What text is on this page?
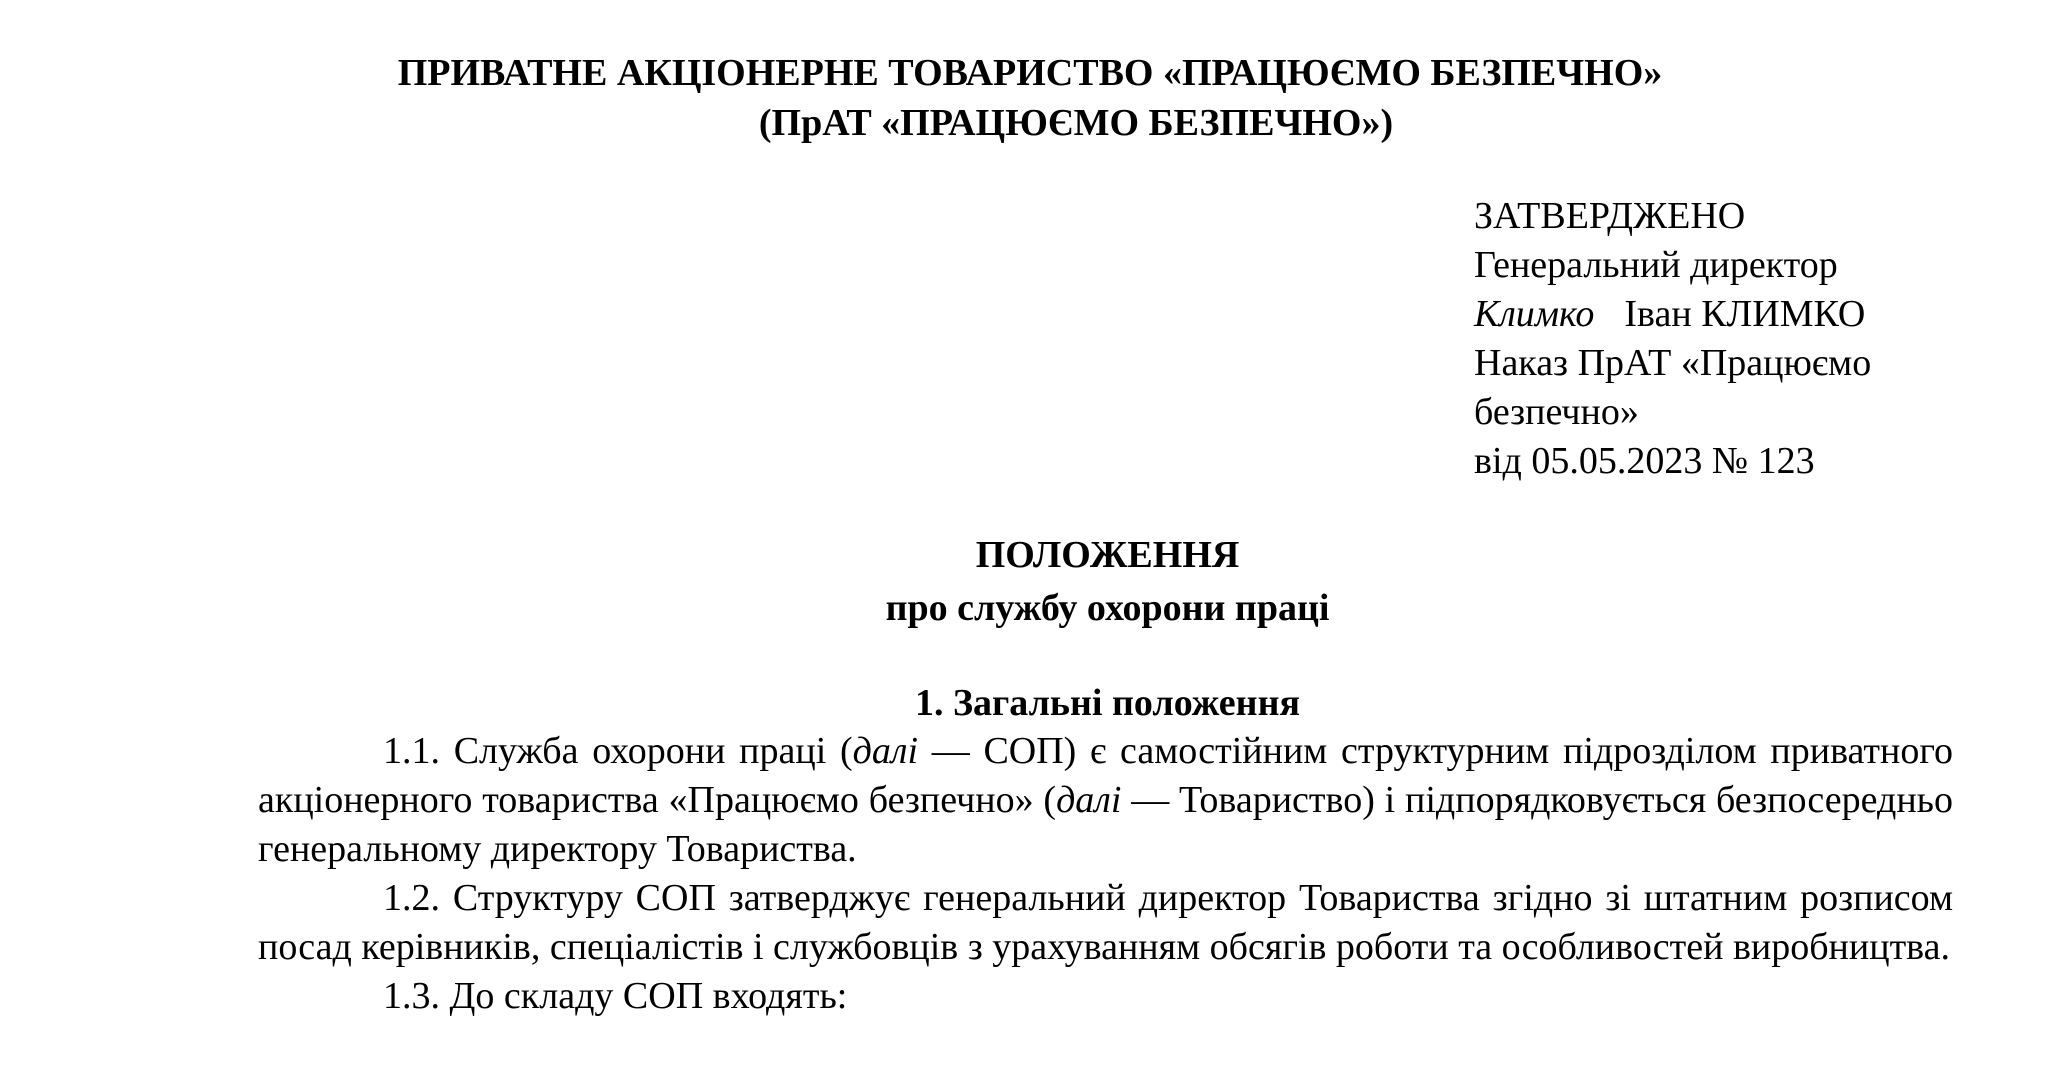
ПРИВАТНЕ АКЦІОНЕРНЕ ТОВАРИСТВО «ПРАЦЮЄМО БЕЗПЕЧНО»
(ПрАТ «ПРАЦЮЄМО БЕЗПЕЧНО»)
ЗАТВЕРДЖЕНО
Генеральний директор
Климко Іван КЛИМКО
Наказ ПрАТ «Працюємо
безпечно»
від 05.05.2023 № 123
ПОЛОЖЕННЯ
про службу охорони праці
1. Загальні положення

1.1. Служба охорони праці (далі — СОП) є самостійним структурним підрозділом приватного акціонерного товариства «Працюємо безпечно» (далі — Товариство) і підпорядковується безпосередньо генеральному директору Товариства.

1.2. Структуру СОП затверджує генеральний директор Товариства згідно зі штатним розписом посад керівників, спеціалістів і службовців з урахуванням обсягів роботи та особливостей виробництва.

1.3. До складу СОП входять:
